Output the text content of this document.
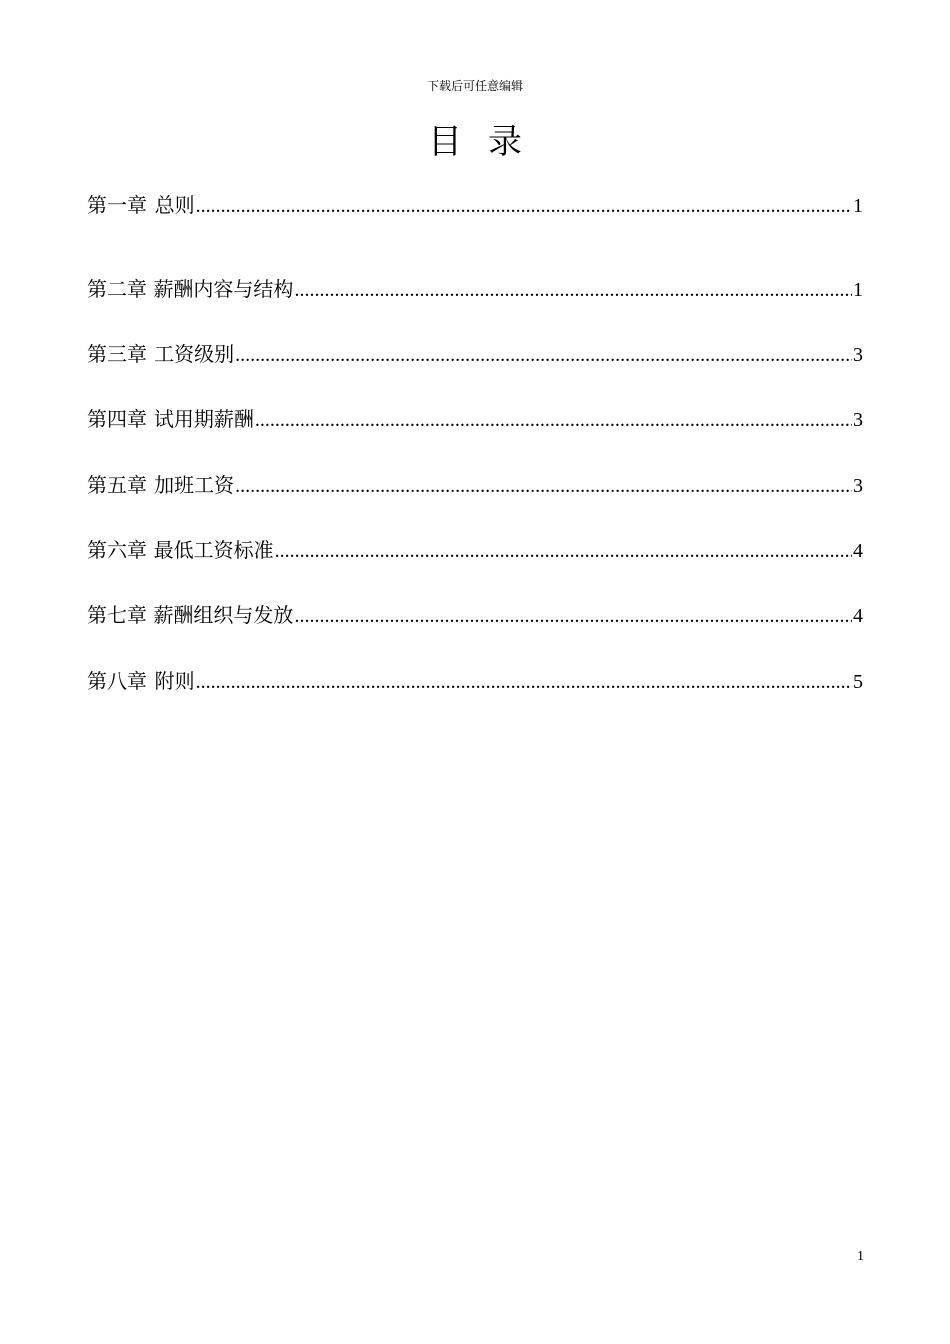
下载后可任意编辑
目录
第一章 总则 .....	1
第二章 薪酬内容与结构 .....	1
第三章 工资级别 .....	3
第四章 试用期薪酬 .....	3
第五章 加班工资 .....	3
第六章 最低工资标准 .....	4
第七章 薪酬组织与发放 .....	4
第八章 附则 .....	5
1
